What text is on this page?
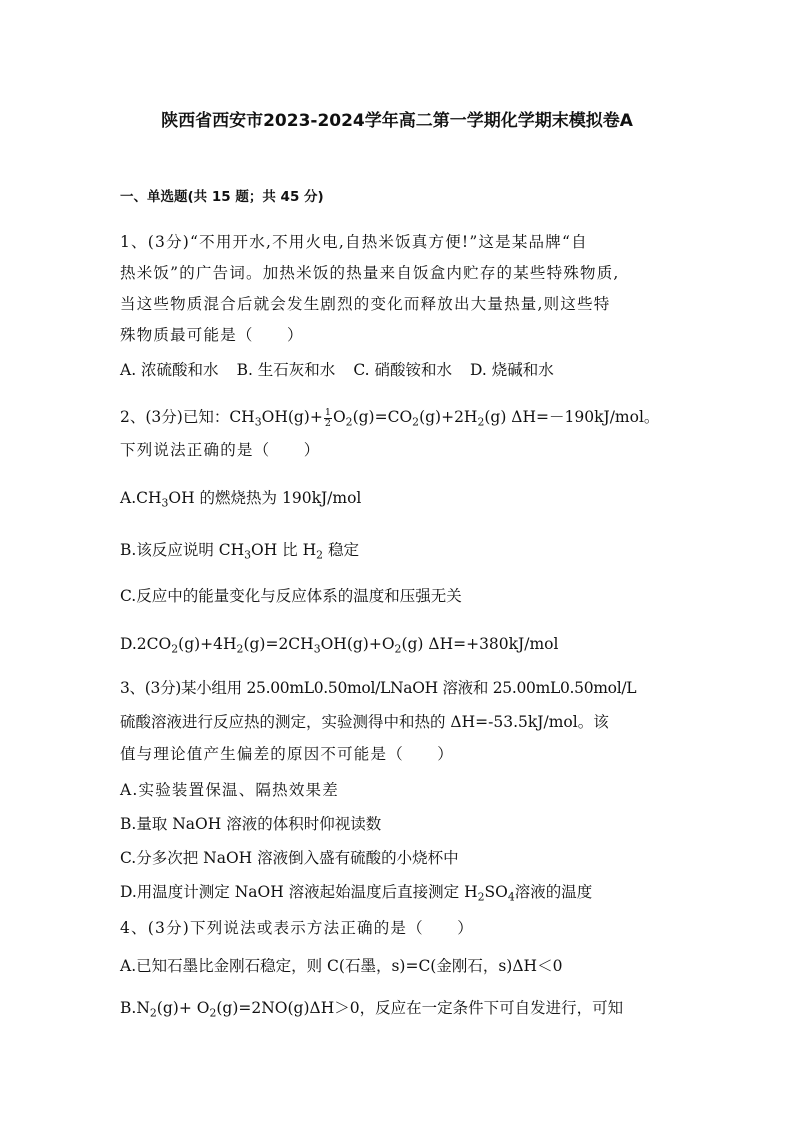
陕西省西安市2023-2024学年高二第一学期化学期末模拟卷A
一、单选题(共 15 题；共 45 分)
1、(3分)“不用开水,不用火电,自热米饭真方便!”这是某品牌“自
热米饭”的广告词。加热米饭的热量来自饭盒内贮存的某些特殊物质,
当这些物质混合后就会发生剧烈的变化而释放出大量热量,则这些特
殊物质最可能是（　　）
A. 浓硫酸和水 B. 生石灰和水 C. 硝酸铵和水 D. 烧碱和水
2、(3分)已知：$CH_3OH(g)+ \frac{1}{2} O_2(g)=CO_2(g)+2H_2(g)$ ΔH=－190kJ/mol。
下列说法正确的是（　　）
$A.CH_3OH$ 的燃烧热为 190kJ/mol
B.该反应说明 $CH_3OH$ 比 $H_2$ 稳定
C.反应中的能量变化与反应体系的温度和压强无关
$D.2CO_2(g)+4H_2(g)=2CH_3OH(g)+O_2(g)$ ΔH=+380kJ/mol
3、(3分)某小组用 25.00mL0.50mol/LNaOH 溶液和 25.00mL0.50mol/L
硫酸溶液进行反应热的测定，实验测得中和热的 ΔH=-53.5kJ/mol。该
值与理论值产生偏差的原因不可能是（　　）
A.实验装置保温、隔热效果差
B.量取 NaOH 溶液的体积时仰视读数
C.分多次把 NaOH 溶液倒入盛有硫酸的小烧杯中
D.用温度计测定 NaOH 溶液起始温度后直接测定 $H_2SO_4$溶液的温度
4、(3分)下列说法或表示方法正确的是（　　）
A.已知石墨比金刚石稳定，则 C(石墨，s)=C(金刚石，s)ΔH＜0
$B.N_2(g)+ O_2(g)=2NO(g)\Delta H>0$，反应在一定条件下可自发进行，可知
